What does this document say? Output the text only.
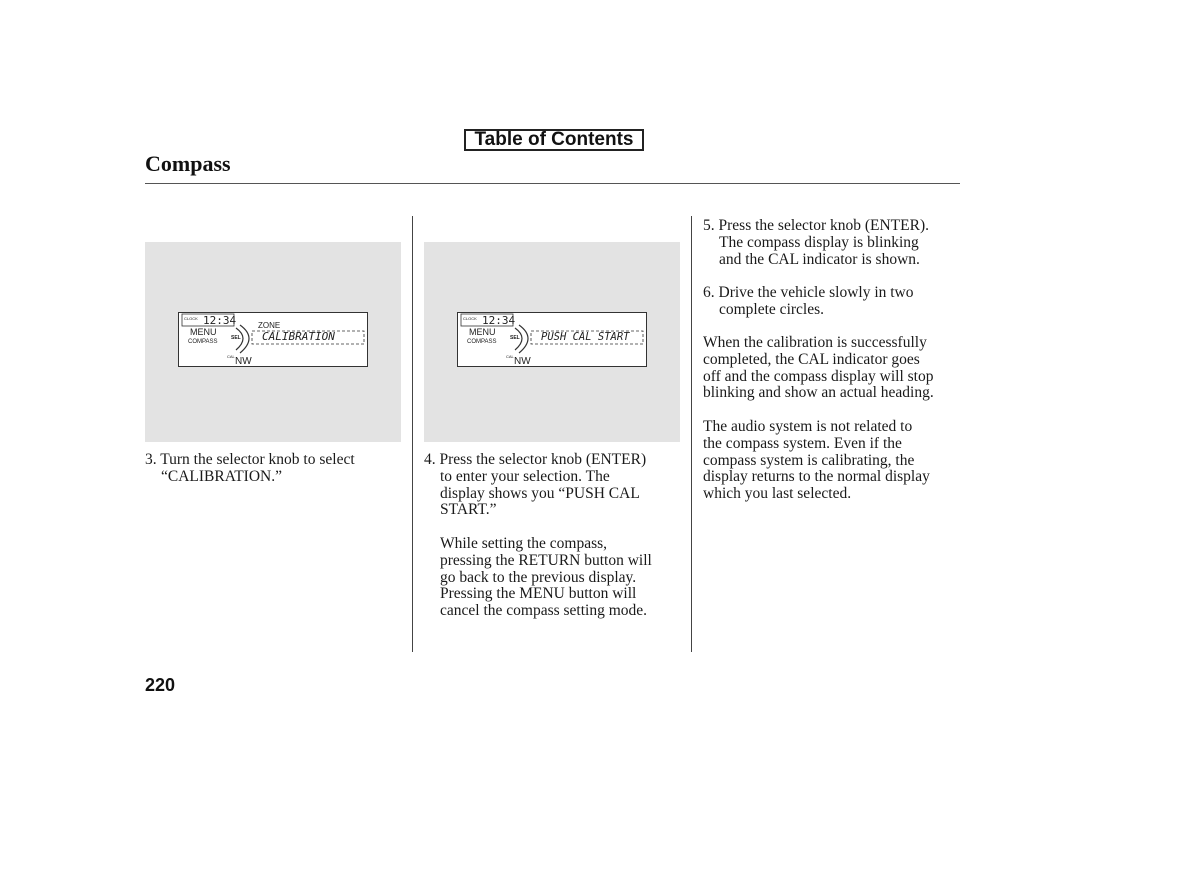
Table of Contents
Compass
CLOCK 12:34
MENU
COMPASS
SEL
ZONE
CALIBRATION
CAL NW
CLOCK 12:34
MENU
COMPASS
SEL PUSH CAL START
CAL NW
3. Turn the selector knob to select
“CALIBRATION.”
4. Press the selector knob (ENTER)
to enter your selection. The
display shows you “PUSH CAL
START.”
While setting the compass,
pressing the RETURN button will
go back to the previous display.
Pressing the MENU button will
cancel the compass setting mode.
5. Press the selector knob (ENTER).
The compass display is blinking
and the CAL indicator is shown.
6. Drive the vehicle slowly in two
complete circles.
When the calibration is successfully
completed, the CAL indicator goes
off and the compass display will stop
blinking and show an actual heading.
The audio system is not related to
the compass system. Even if the
compass system is calibrating, the
display returns to the normal display
which you last selected.
220
